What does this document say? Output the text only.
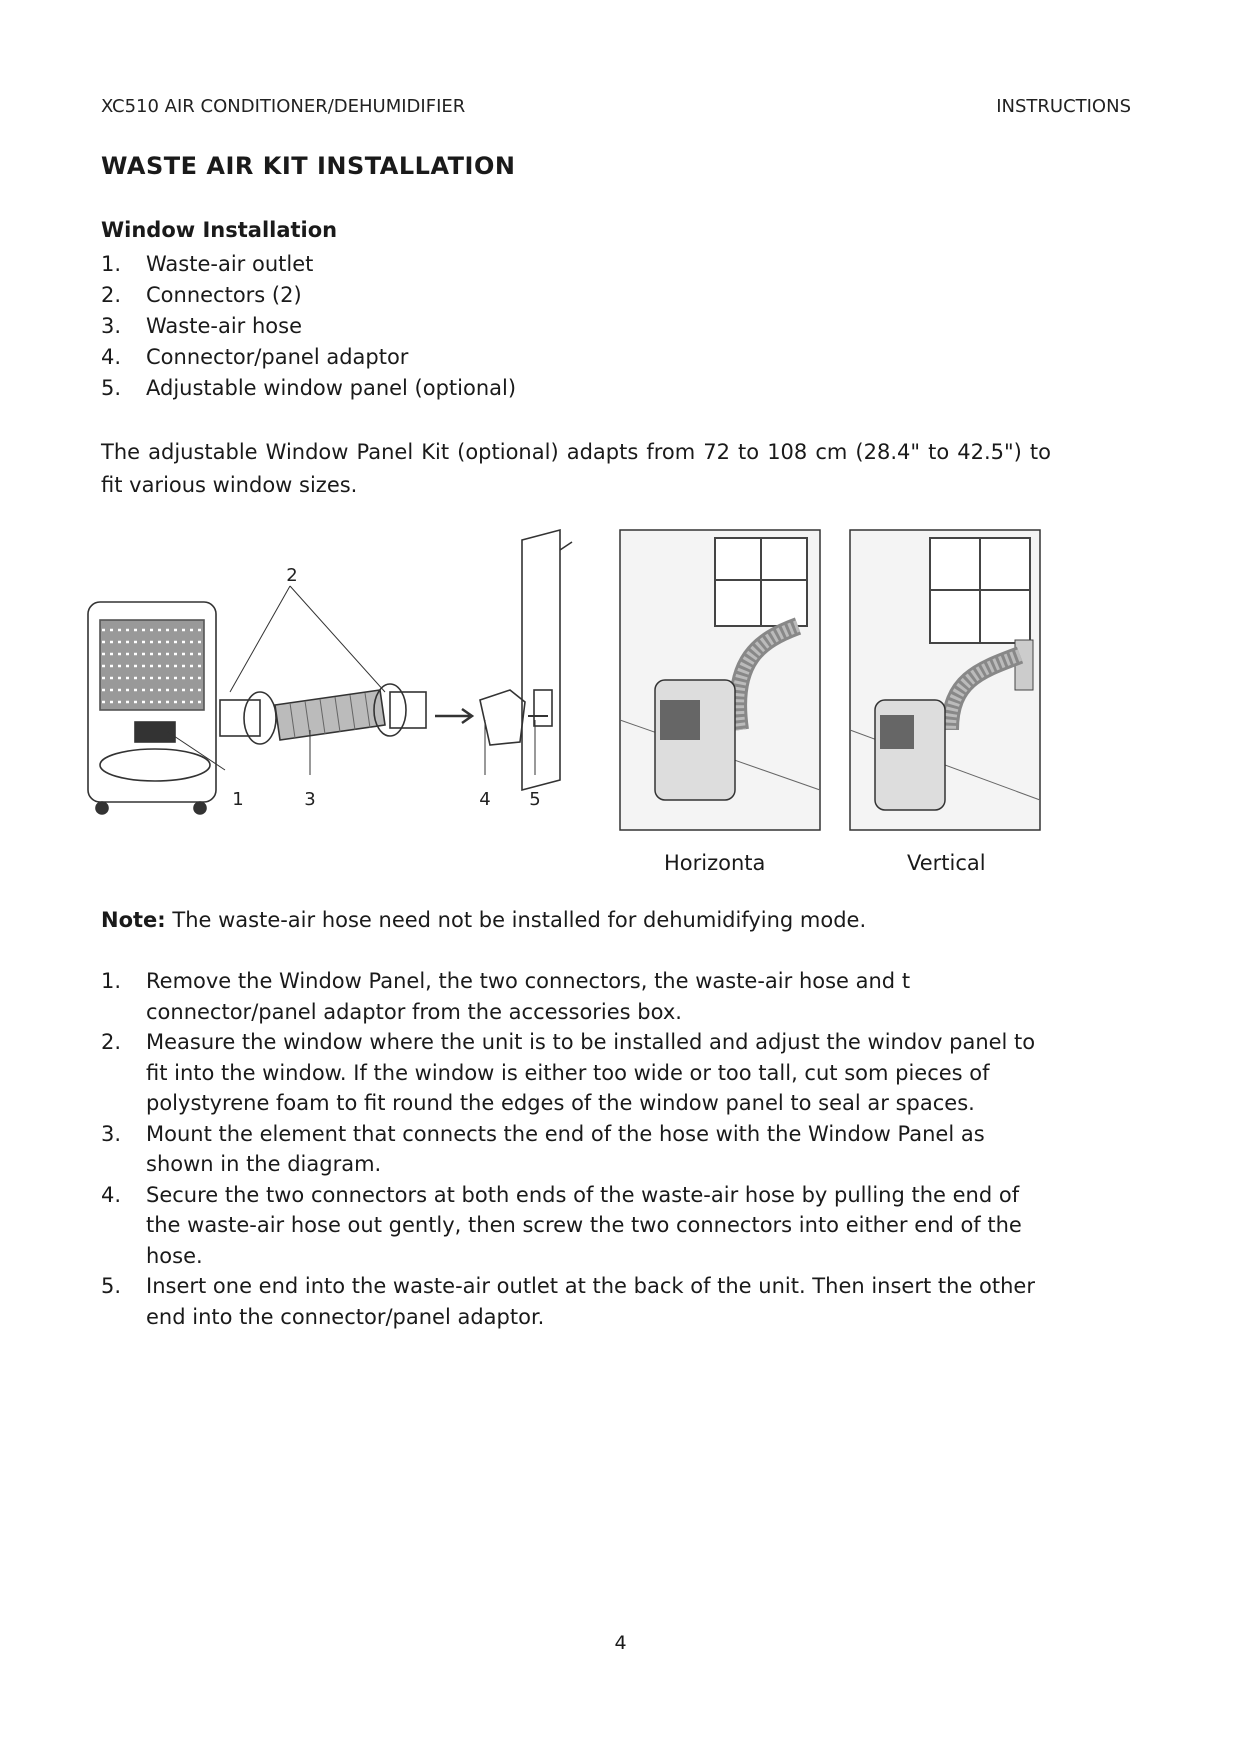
XC510 AIR CONDITIONER/DEHUMIDIFIER	INSTRUCTIONS
WASTE AIR KIT INSTALLATION
Window Installation
1.	Waste-air outlet
2.	Connectors (2)
3.	Waste-air hose
4.	Connector/panel adaptor
5.	Adjustable window panel (optional)
The adjustable Window Panel Kit (optional) adapts from 72 to 108 cm (28.4" to 42.5") to fit various window sizes.
2
1	3	4 5
Horizonta	Vertical
Note: The waste-air hose need not be installed for dehumidifying mode.
1.	Remove the Window Panel, the two connectors, the waste-air hose and t connector/panel adaptor from the accessories box.
2.	Measure the window where the unit is to be installed and adjust the windov panel to fit into the window. If the window is either too wide or too tall, cut som pieces of polystyrene foam to fit round the edges of the window panel to seal ar spaces.
3.	Mount the element that connects the end of the hose with the Window Panel as shown in the diagram.
4.	Secure the two connectors at both ends of the waste-air hose by pulling the end of the waste-air hose out gently, then screw the two connectors into either end of the hose.
5.	Insert one end into the waste-air outlet at the back of the unit. Then insert the other end into the connector/panel adaptor.
4
